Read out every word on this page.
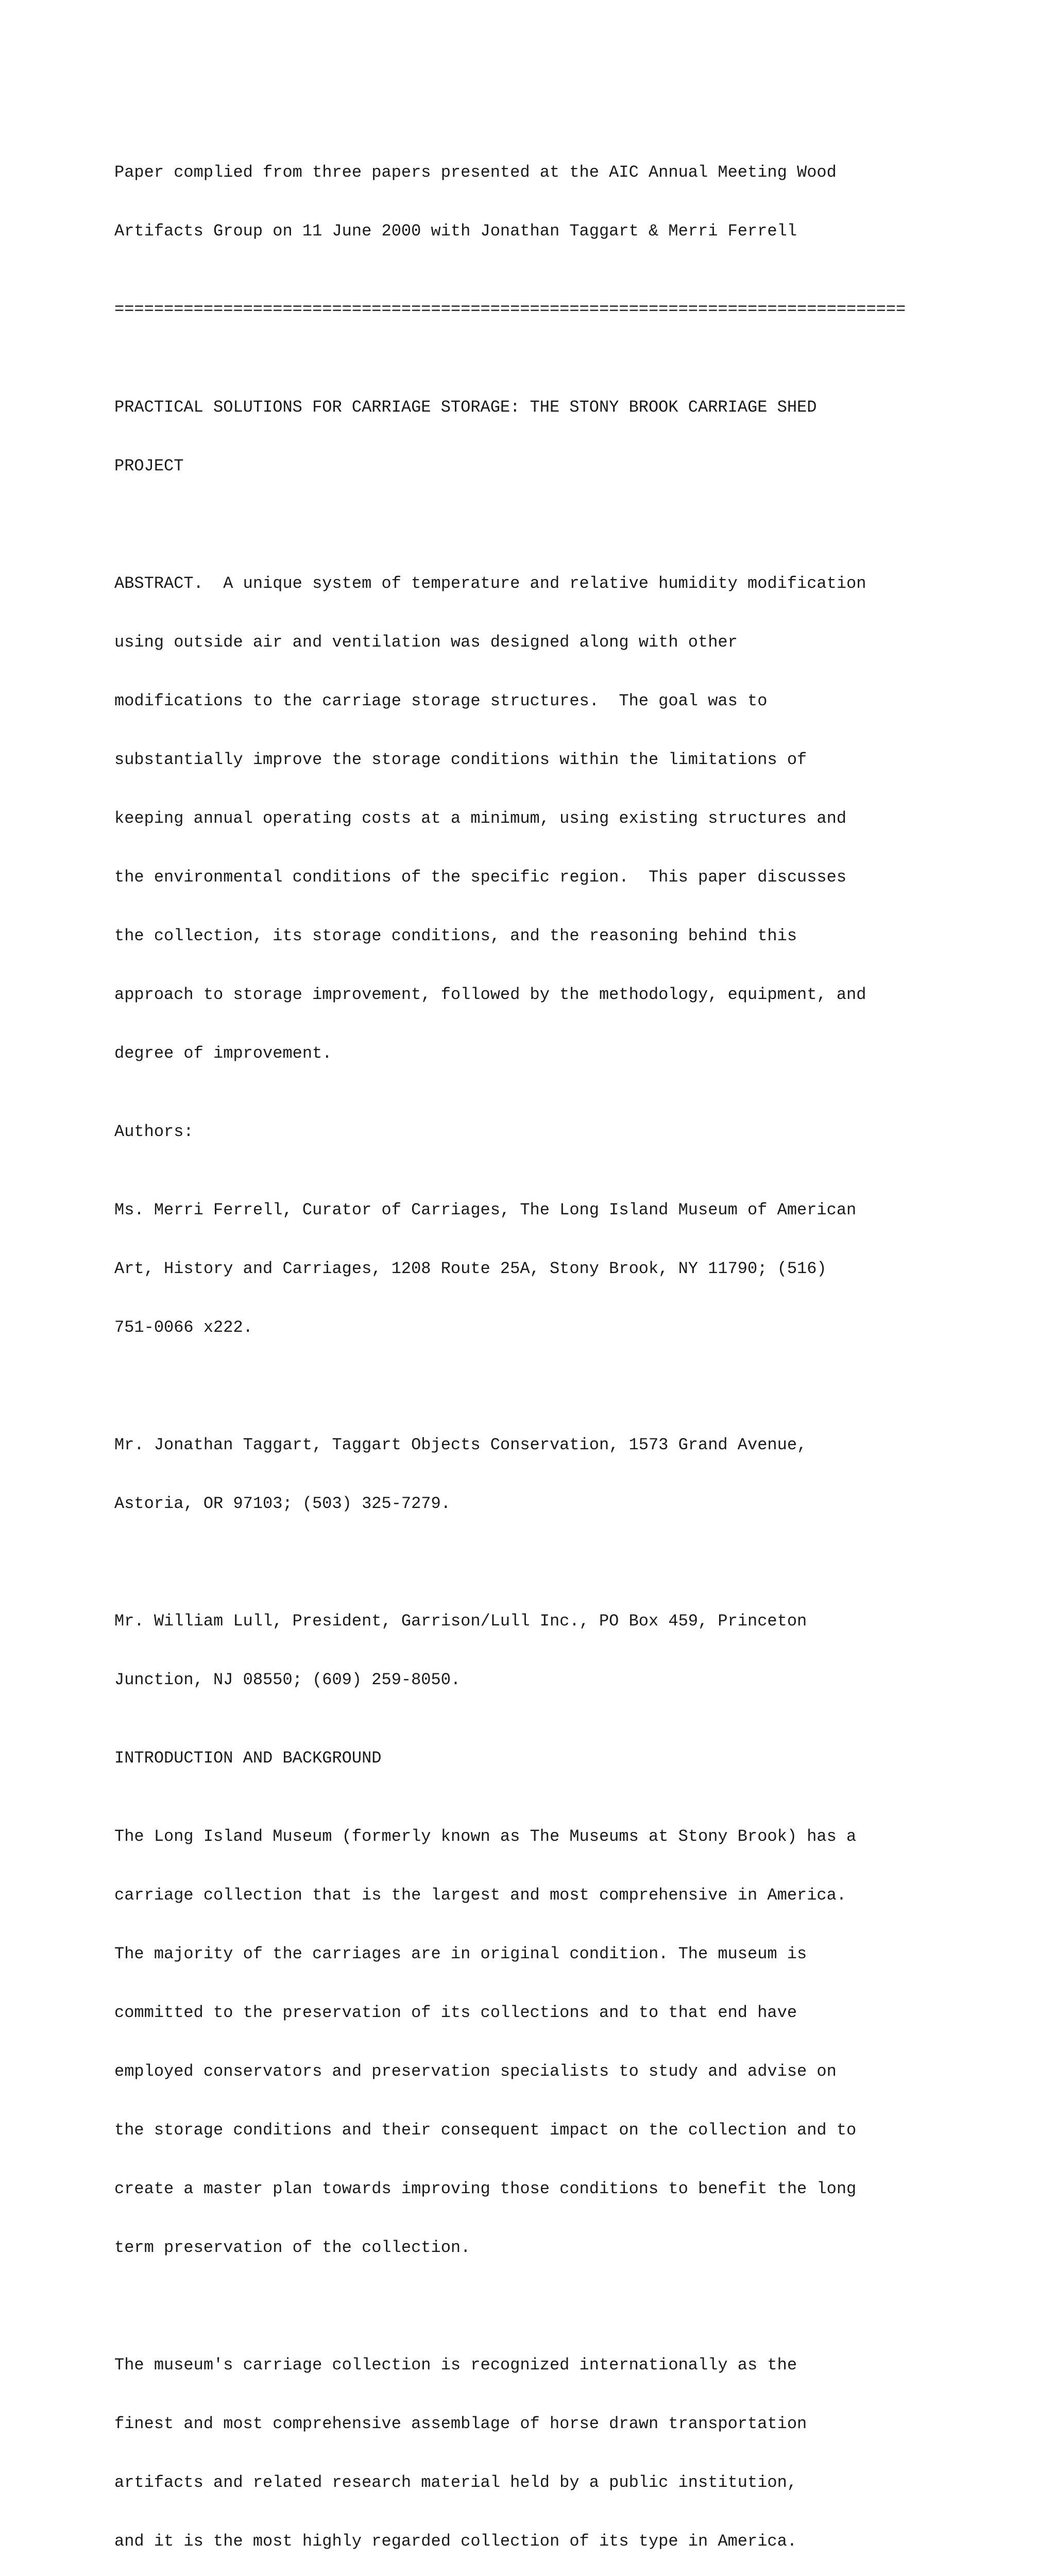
Paper complied from three papers presented at the AIC Annual Meeting Wood

Artifacts Group on 11 June 2000 with Jonathan Taggart & Merri Ferrell

================================================================================

PRACTICAL SOLUTIONS FOR CARRIAGE STORAGE: THE STONY BROOK CARRIAGE SHED

PROJECT

ABSTRACT.  A unique system of temperature and relative humidity modification

using outside air and ventilation was designed along with other

modifications to the carriage storage structures.  The goal was to

substantially improve the storage conditions within the limitations of

keeping annual operating costs at a minimum, using existing structures and

the environmental conditions of the specific region.  This paper discusses

the collection, its storage conditions, and the reasoning behind this

approach to storage improvement, followed by the methodology, equipment, and

degree of improvement.

Authors:

Ms. Merri Ferrell, Curator of Carriages, The Long Island Museum of American

Art, History and Carriages, 1208 Route 25A, Stony Brook, NY 11790; (516)

751-0066 x222.

Mr. Jonathan Taggart, Taggart Objects Conservation, 1573 Grand Avenue,

Astoria, OR 97103; (503) 325-7279.

Mr. William Lull, President, Garrison/Lull Inc., PO Box 459, Princeton

Junction, NJ 08550; (609) 259-8050.

INTRODUCTION AND BACKGROUND

The Long Island Museum (formerly known as The Museums at Stony Brook) has a

carriage collection that is the largest and most comprehensive in America.

The majority of the carriages are in original condition. The museum is

committed to the preservation of its collections and to that end have

employed conservators and preservation specialists to study and advise on

the storage conditions and their consequent impact on the collection and to

create a master plan towards improving those conditions to benefit the long

term preservation of the collection.

The museum's carriage collection is recognized internationally as the

finest and most comprehensive assemblage of horse drawn transportation

artifacts and related research material held by a public institution,

and it is the most highly regarded collection of its type in America.
